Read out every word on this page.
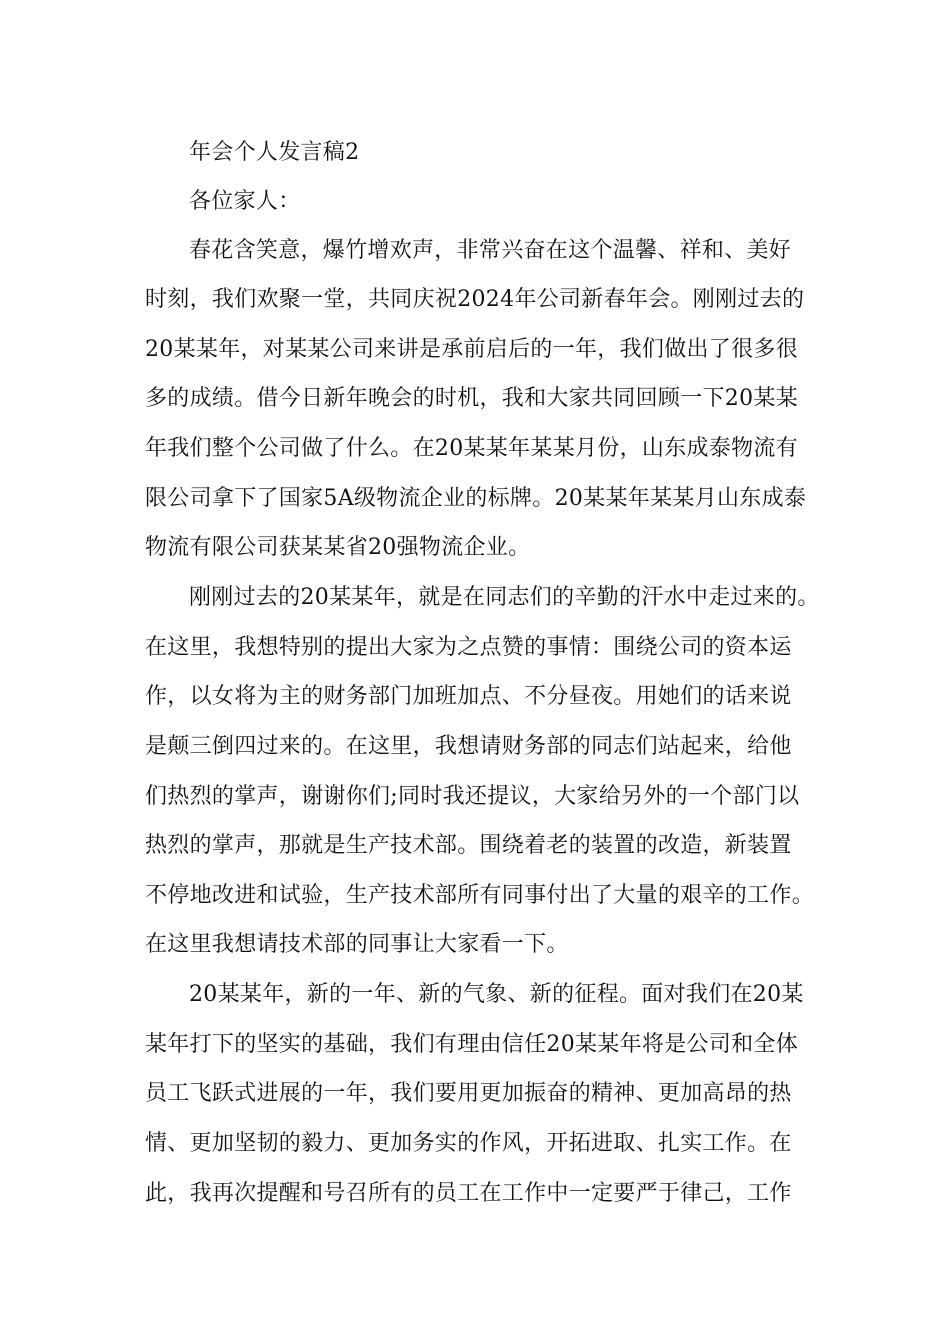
年会个人发言稿2
各位家人：
春花含笑意，爆竹增欢声，非常兴奋在这个温馨、祥和、美好
时刻，我们欢聚一堂，共同庆祝2024年公司新春年会。刚刚过去的
20某某年，对某某公司来讲是承前启后的一年，我们做出了很多很
多的成绩。借今日新年晚会的时机，我和大家共同回顾一下20某某
年我们整个公司做了什么。在20某某年某某月份，山东成泰物流有
限公司拿下了国家5A级物流企业的标牌。20某某年某某月山东成泰
物流有限公司获某某省20强物流企业。
刚刚过去的20某某年，就是在同志们的辛勤的汗水中走过来的。
在这里，我想特别的提出大家为之点赞的事情：围绕公司的资本运
作，以女将为主的财务部门加班加点、不分昼夜。用她们的话来说
是颠三倒四过来的。在这里，我想请财务部的同志们站起来，给他
们热烈的掌声，谢谢你们;同时我还提议，大家给另外的一个部门以
热烈的掌声，那就是生产技术部。围绕着老的装置的改造，新装置
不停地改进和试验，生产技术部所有同事付出了大量的艰辛的工作。
在这里我想请技术部的同事让大家看一下。
20某某年，新的一年、新的气象、新的征程。面对我们在20某
某年打下的坚实的基础，我们有理由信任20某某年将是公司和全体
员工飞跃式进展的一年，我们要用更加振奋的精神、更加高昂的热
情、更加坚韧的毅力、更加务实的作风，开拓进取、扎实工作。在
此，我再次提醒和号召所有的员工在工作中一定要严于律己，工作
